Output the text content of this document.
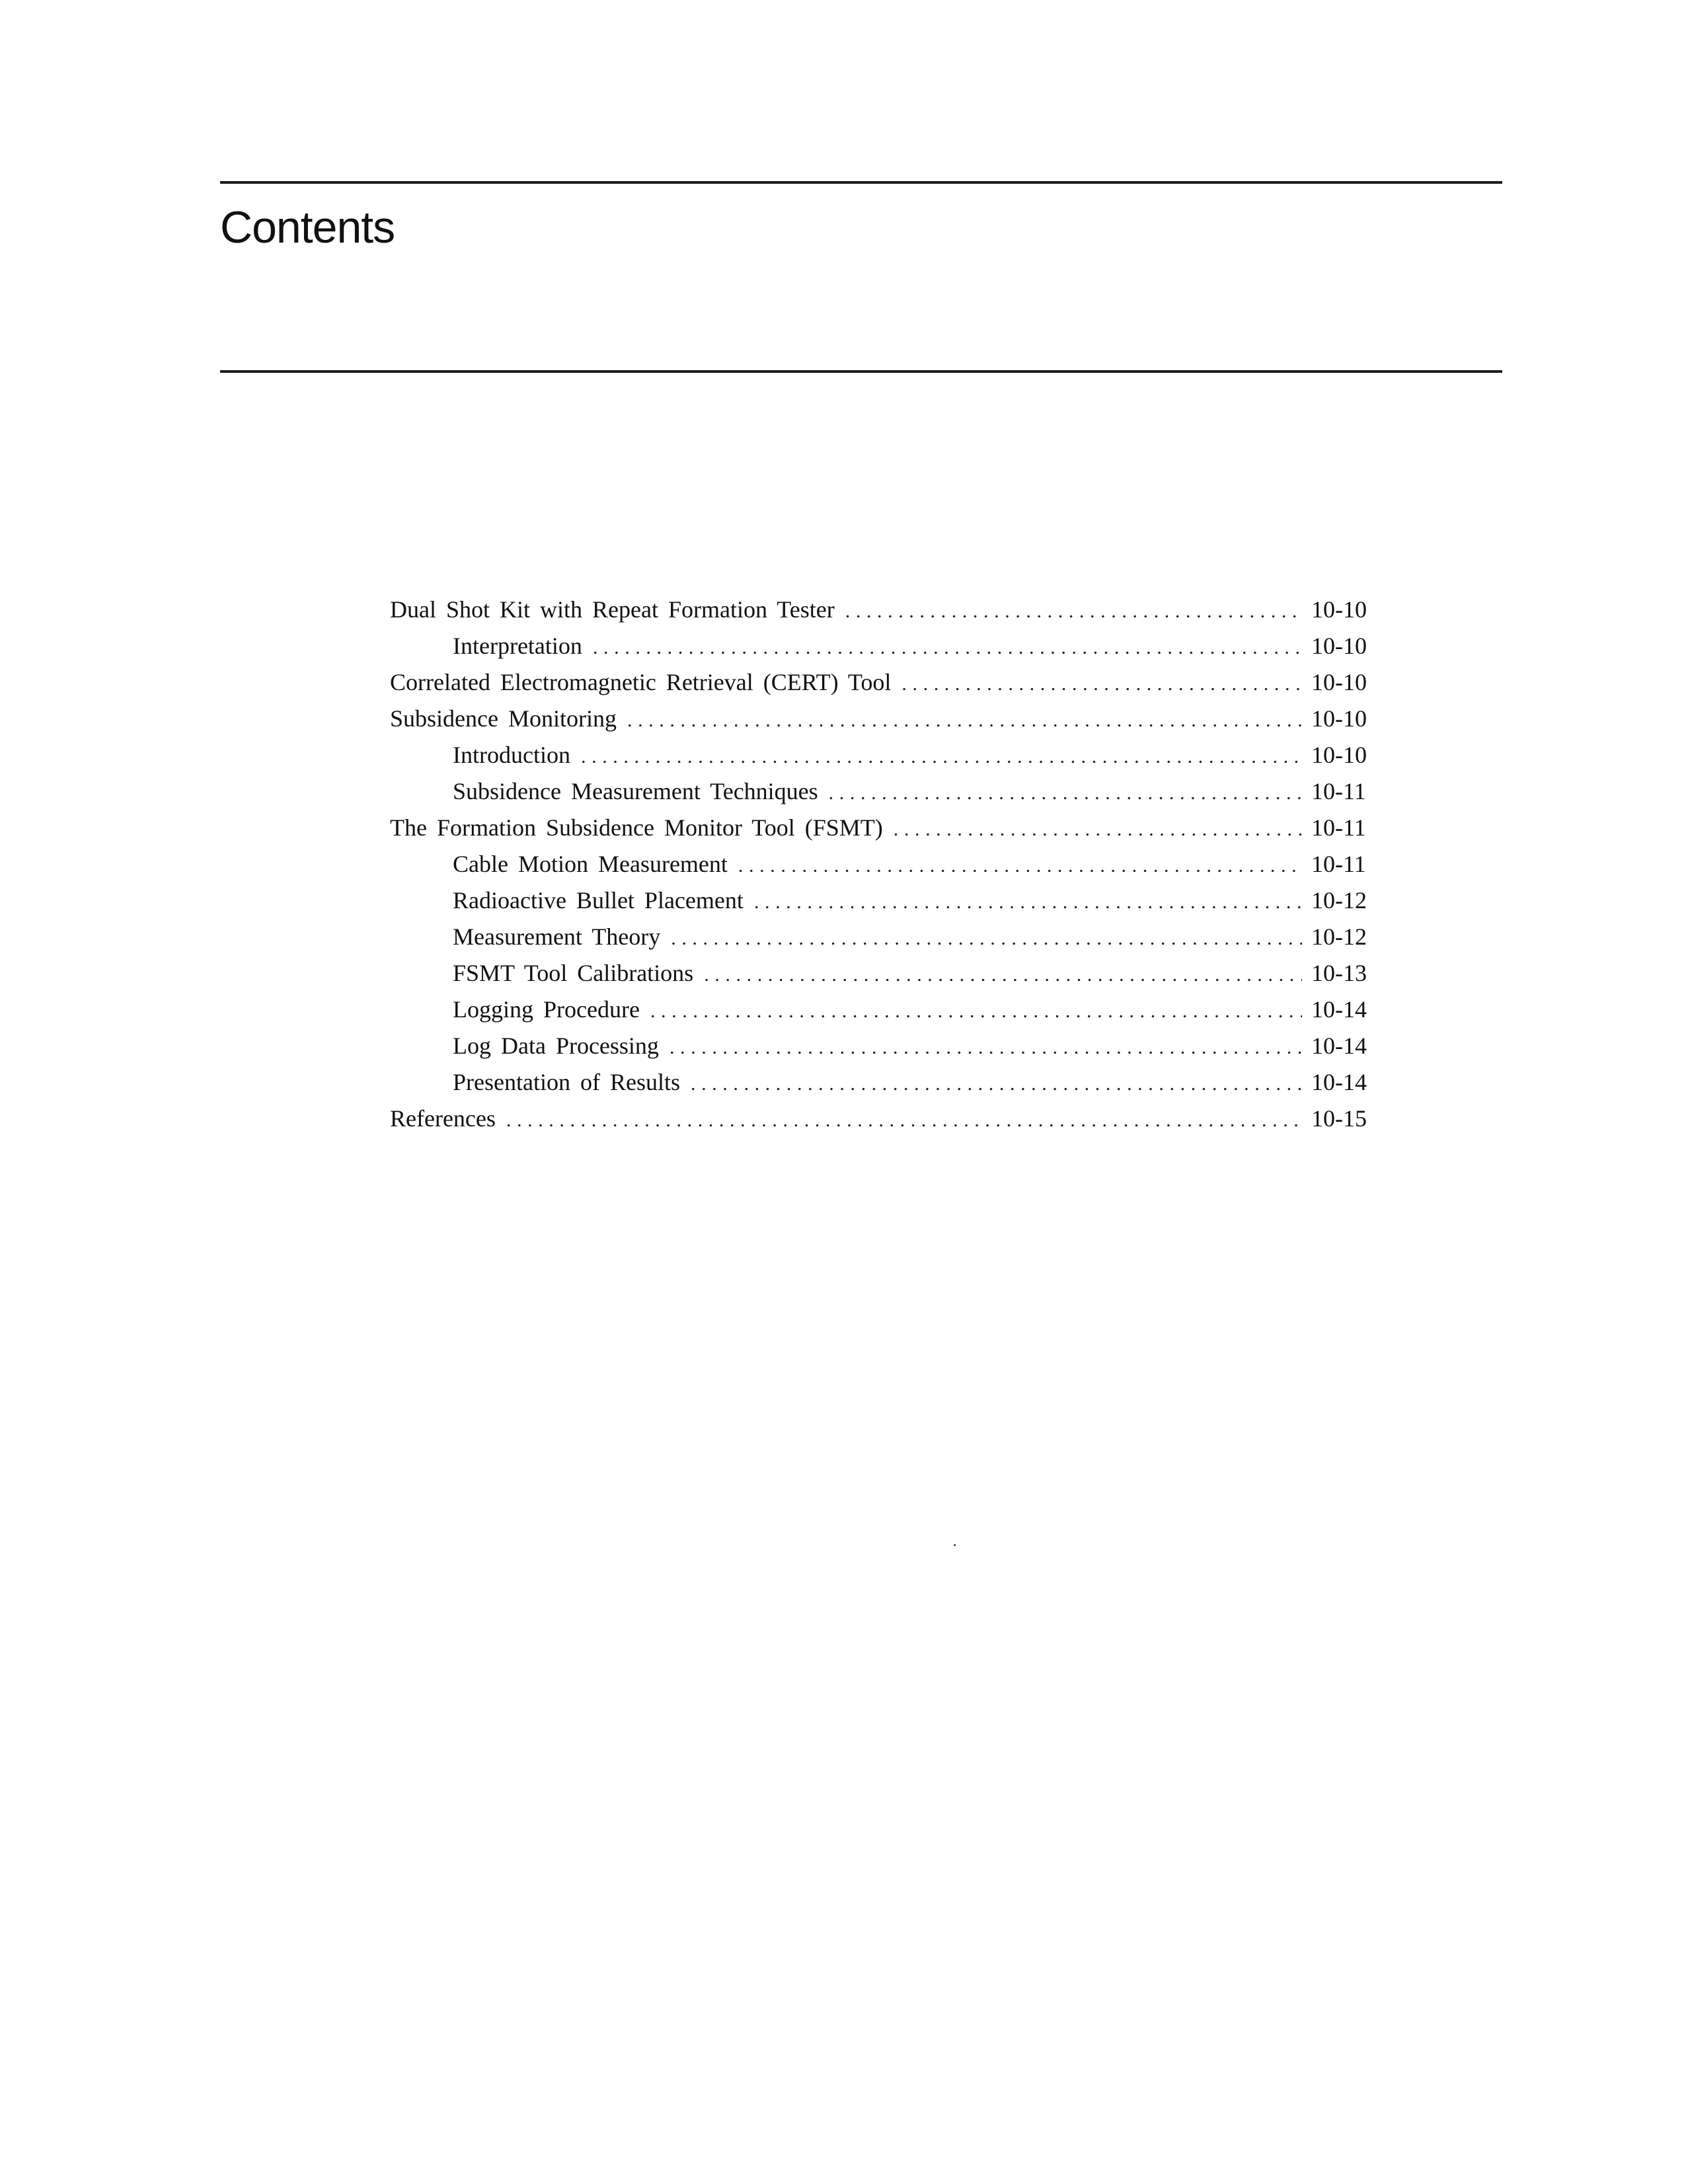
Contents
Dual Shot Kit with Repeat Formation Tester .....	10-10
Interpretation .....	10-10
Correlated Electromagnetic Retrieval (CERT) Tool .....	10-10
Subsidence Monitoring .....	10-10
Introduction .....	10-10
Subsidence Measurement Techniques .....	10-11
The Formation Subsidence Monitor Tool (FSMT) .....	10-11
Cable Motion Measurement .....	10-11
Radioactive Bullet Placement .....	10-12
Measurement Theory .....	10-12
FSMT Tool Calibrations .....	10-13
Logging Procedure .....	10-14
Log Data Processing .....	10-14
Presentation of Results .....	10-14
References .....	10-15
